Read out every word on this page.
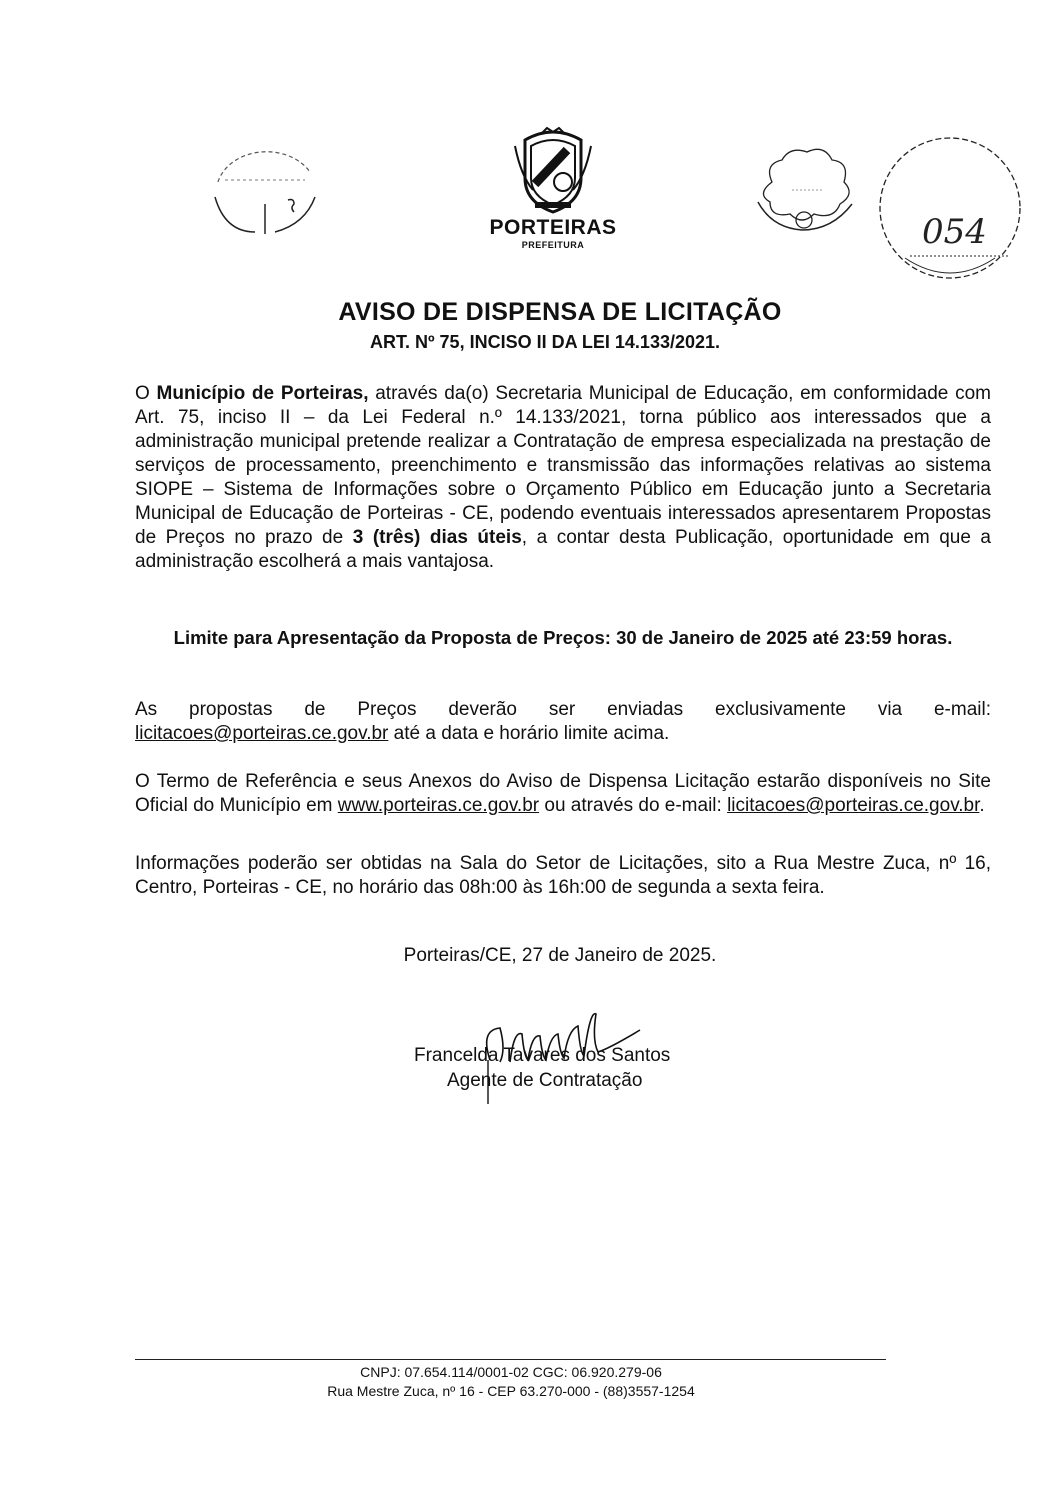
PORTEIRAS
PREFEITURA	054
AVISO DE DISPENSA DE LICITAÇÃO
ART. Nº 75, INCISO II DA LEI 14.133/2021.
O Município de Porteiras, através da(o) Secretaria Municipal de Educação, em conformidade com Art. 75, inciso II – da Lei Federal n.º 14.133/2021, torna público aos interessados que a administração municipal pretende realizar a Contratação de empresa especializada na prestação de serviços de processamento, preenchimento e transmissão das informações relativas ao sistema SIOPE – Sistema de Informações sobre o Orçamento Público em Educação junto a Secretaria Municipal de Educação de Porteiras - CE, podendo eventuais interessados apresentarem Propostas de Preços no prazo de 3 (três) dias úteis, a contar desta Publicação, oportunidade em que a administração escolherá a mais vantajosa.
Limite para Apresentação da Proposta de Preços: 30 de Janeiro de 2025 até 23:59 horas.
As propostas de Preços deverão ser enviadas exclusivamente via e-mail: licitacoes@porteiras.ce.gov.br até a data e horário limite acima.
O Termo de Referência e seus Anexos do Aviso de Dispensa Licitação estarão disponíveis no Site Oficial do Município em www.porteiras.ce.gov.br ou através do e-mail: licitacoes@porteiras.ce.gov.br.
Informações poderão ser obtidas na Sala do Setor de Licitações, sito a Rua Mestre Zuca, nº 16, Centro, Porteiras - CE, no horário das 08h:00 às 16h:00 de segunda a sexta feira.
Porteiras/CE, 27 de Janeiro de 2025.
Francelda Tavares dos Santos
Agente de Contratação
CNPJ: 07.654.114/0001-02 CGC: 06.920.279-06
Rua Mestre Zuca, nº 16 - CEP 63.270-000 - (88)3557-1254
